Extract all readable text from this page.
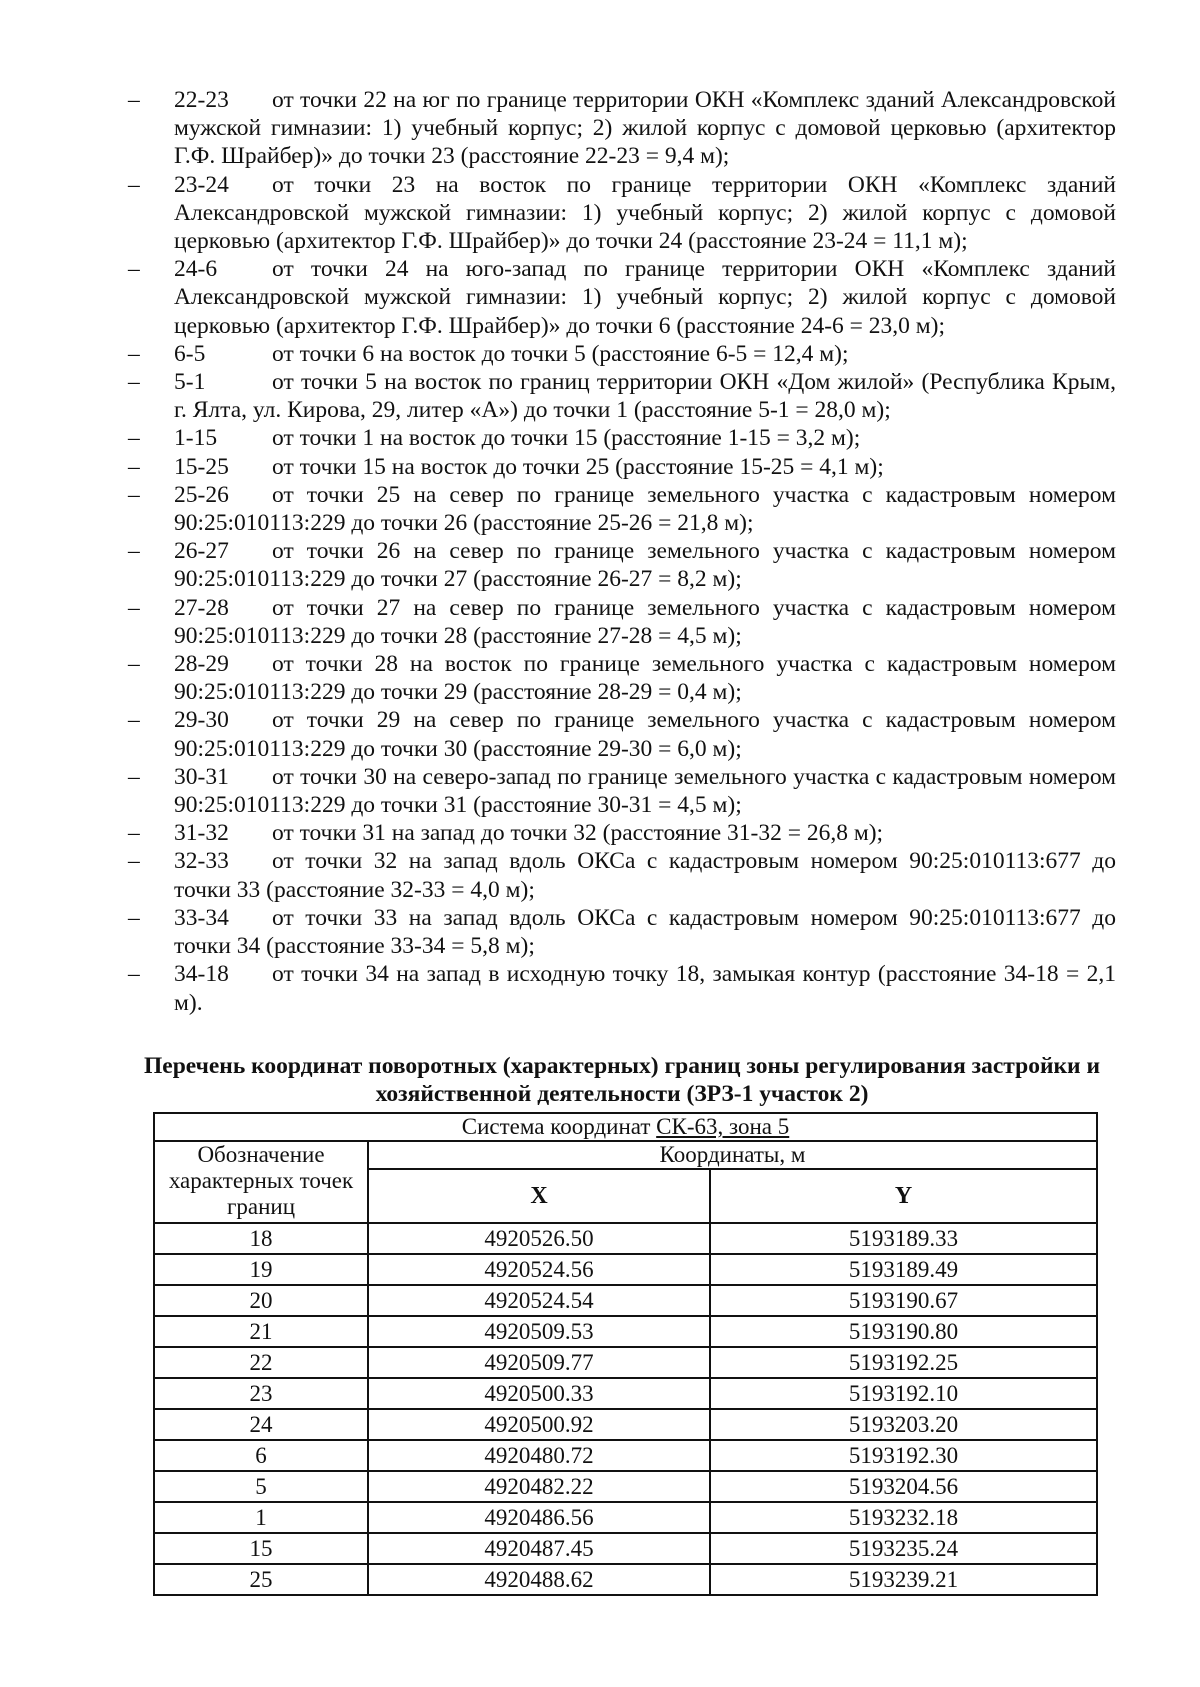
– 22-23 от точки 22 на юг по границе территории ОКН «Комплекс зданий Александровской мужской гимназии: 1) учебный корпус; 2) жилой корпус с домовой церковью (архитектор Г.Ф. Шрайбер)» до точки 23 (расстояние 22-23 = 9,4 м);
– 23-24 от точки 23 на восток по границе территории ОКН «Комплекс зданий Александровской мужской гимназии: 1) учебный корпус; 2) жилой корпус с домовой церковью (архитектор Г.Ф. Шрайбер)» до точки 24 (расстояние 23-24 = 11,1 м);
– 24-6 от точки 24 на юго-запад по границе территории ОКН «Комплекс зданий Александровской мужской гимназии: 1) учебный корпус; 2) жилой корпус с домовой церковью (архитектор Г.Ф. Шрайбер)» до точки 6 (расстояние 24-6 = 23,0 м);
– 6-5	от точки 6 на восток до точки 5 (расстояние 6-5 = 12,4 м);
– 5-1	от точки 5 на восток по границ территории ОКН «Дом жилой» (Республика Крым, г. Ялта, ул. Кирова, 29, литер «А») до точки 1 (расстояние 5-1 = 28,0 м);
– 1-15 от точки 1 на восток до точки 15 (расстояние 1-15 = 3,2 м);
– 15-25 от точки 15 на восток до точки 25 (расстояние 15-25 = 4,1 м);
– 25-26 от точки 25 на север по границе земельного участка с кадастровым номером 90:25:010113:229 до точки 26 (расстояние 25-26 = 21,8 м);
– 26-27 от точки 26 на север по границе земельного участка с кадастровым номером 90:25:010113:229 до точки 27 (расстояние 26-27 = 8,2 м);
– 27-28 от точки 27 на север по границе земельного участка с кадастровым номером 90:25:010113:229 до точки 28 (расстояние 27-28 = 4,5 м);
– 28-29 от точки 28 на восток по границе земельного участка с кадастровым номером 90:25:010113:229 до точки 29 (расстояние 28-29 = 0,4 м);
– 29-30 от точки 29 на север по границе земельного участка с кадастровым номером 90:25:010113:229 до точки 30 (расстояние 29-30 = 6,0 м);
– 30-31 от точки 30 на северо-запад по границе земельного участка с кадастровым номером 90:25:010113:229 до точки 31 (расстояние 30-31 = 4,5 м);
– 31-32 от точки 31 на запад до точки 32 (расстояние 31-32 = 26,8 м);
– 32-33 от точки 32 на запад вдоль ОКСа с кадастровым номером 90:25:010113:677 до точки 33 (расстояние 32-33 = 4,0 м);
– 33-34 от точки 33 на запад вдоль ОКСа с кадастровым номером 90:25:010113:677 до точки 34 (расстояние 33-34 = 5,8 м);
– 34-18 от точки 34 на запад в исходную точку 18, замыкая контур (расстояние 34-18 = 2,1 м).
Перечень координат поворотных (характерных) границ зоны регулирования застройки и хозяйственной деятельности (ЗРЗ-1 участок 2)
Система координат СК-63, зона 5		
Обозначение характерных точек границ	Координаты, м	
	X	Y
18	4920526.50	5193189.33
19	4920524.56	5193189.49
20	4920524.54	5193190.67
21	4920509.53	5193190.80
22	4920509.77	5193192.25
23	4920500.33	5193192.10
24	4920500.92	5193203.20
6	4920480.72	5193192.30
5	4920482.22	5193204.56
1	4920486.56	5193232.18
15	4920487.45	5193235.24
25	4920488.62	5193239.21
